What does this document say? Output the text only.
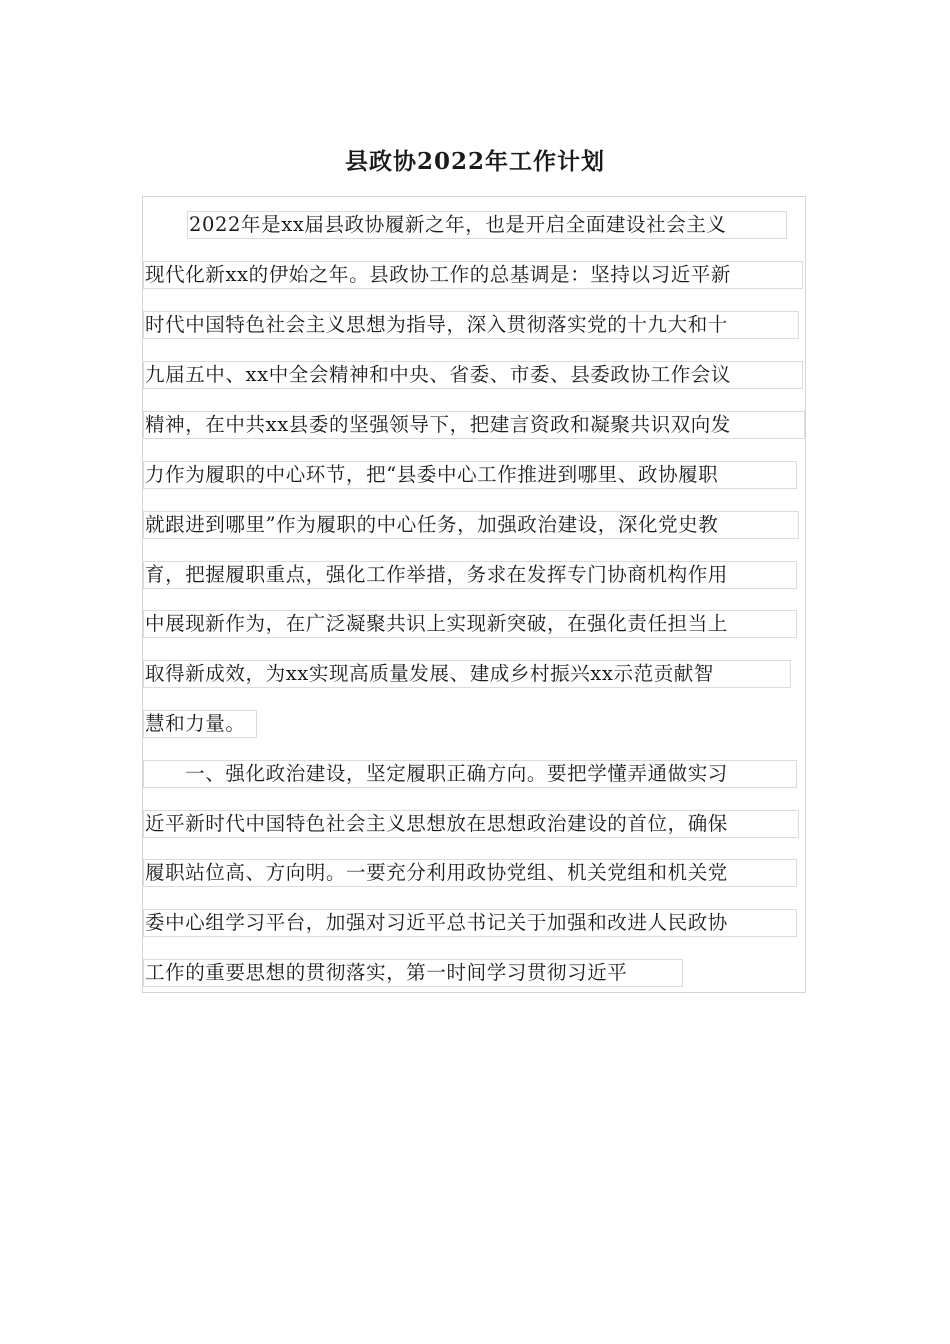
县政协2022年工作计划
2022年是xx届县政协履新之年，也是开启全面建设社会主义
现代化新xx的伊始之年。县政协工作的总基调是：坚持以习近平新
时代中国特色社会主义思想为指导，深入贯彻落实党的十九大和十
九届五中、xx中全会精神和中央、省委、市委、县委政协工作会议
精神，在中共xx县委的坚强领导下，把建言资政和凝聚共识双向发
力作为履职的中心环节，把“县委中心工作推进到哪里、政协履职
就跟进到哪里”作为履职的中心任务，加强政治建设，深化党史教
育，把握履职重点，强化工作举措，务求在发挥专门协商机构作用
中展现新作为，在广泛凝聚共识上实现新突破，在强化责任担当上
取得新成效，为xx实现高质量发展、建成乡村振兴xx示范贡献智
慧和力量。
　　一、强化政治建设，坚定履职正确方向。要把学懂弄通做实习
近平新时代中国特色社会主义思想放在思想政治建设的首位，确保
履职站位高、方向明。一要充分利用政协党组、机关党组和机关党
委中心组学习平台，加强对习近平总书记关于加强和改进人民政协
工作的重要思想的贯彻落实，第一时间学习贯彻习近平
